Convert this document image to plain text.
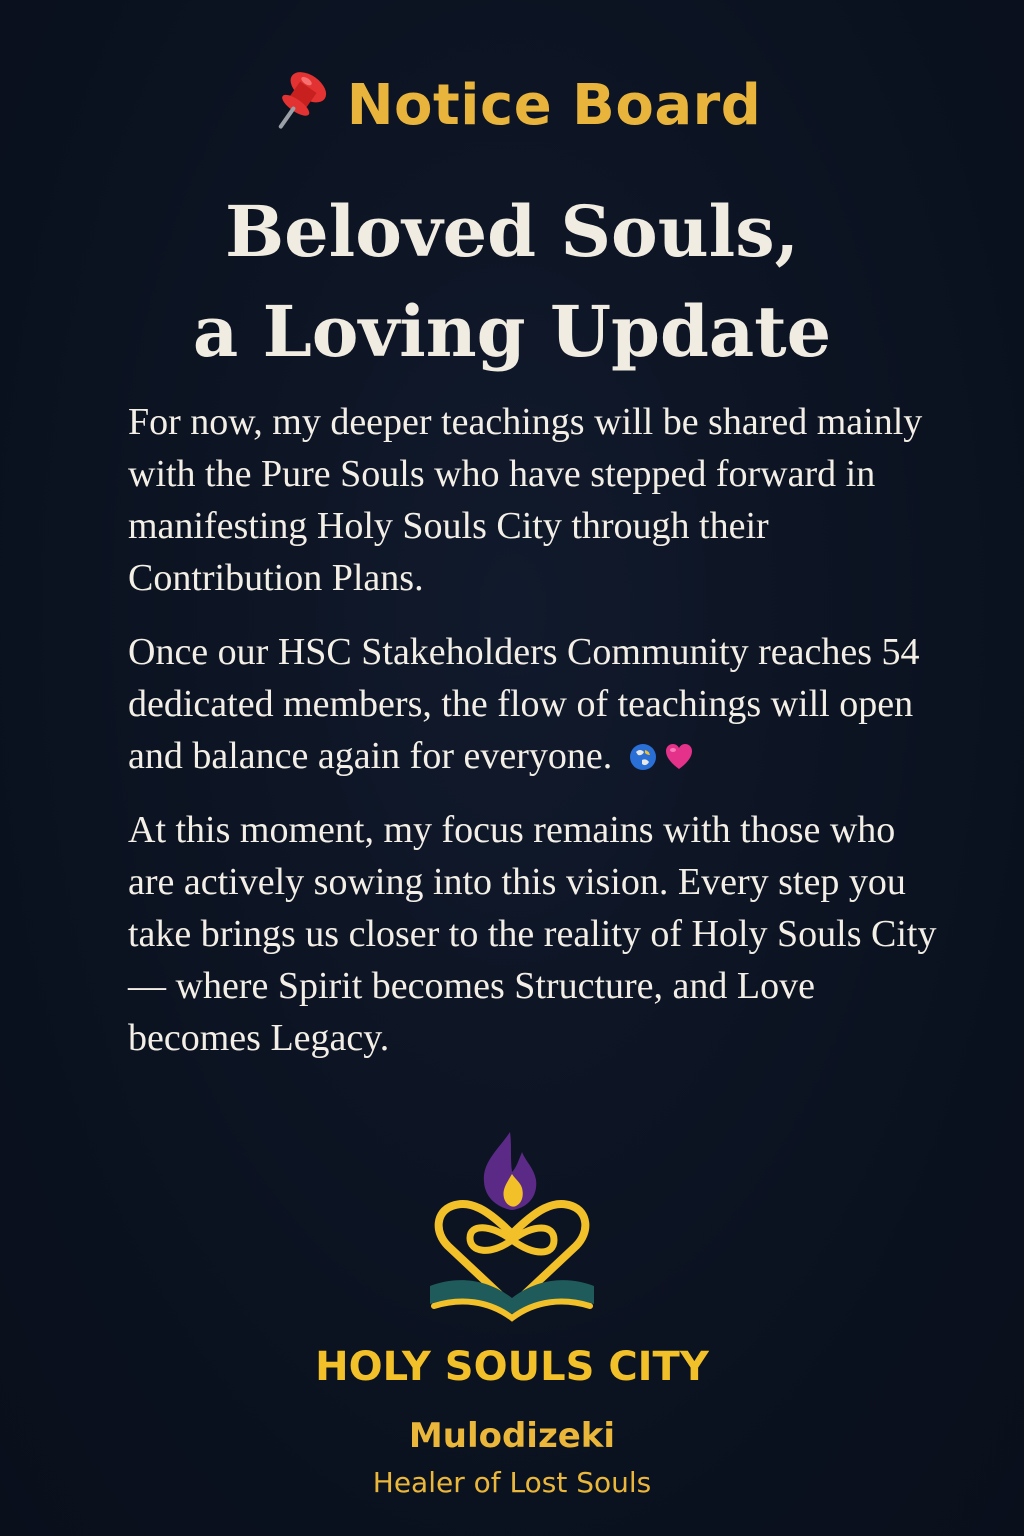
Notice Board
Beloved Souls,
a Loving Update

For now, my deeper teachings will be shared mainly with the Pure Souls who have stepped forward in manifesting Holy Souls City through their Contribution Plans.

Once our HSC Stakeholders Community reaches 54 dedicated members, the flow of teachings will open and balance again for everyone.

At this moment, my focus remains with those who are actively sowing into this vision. Every step you take brings us closer to the reality of Holy Souls City — where Spirit becomes Structure, and Love becomes Legacy.

HOLY SOULS CITY
Mulodizeki
Healer of Lost Souls
